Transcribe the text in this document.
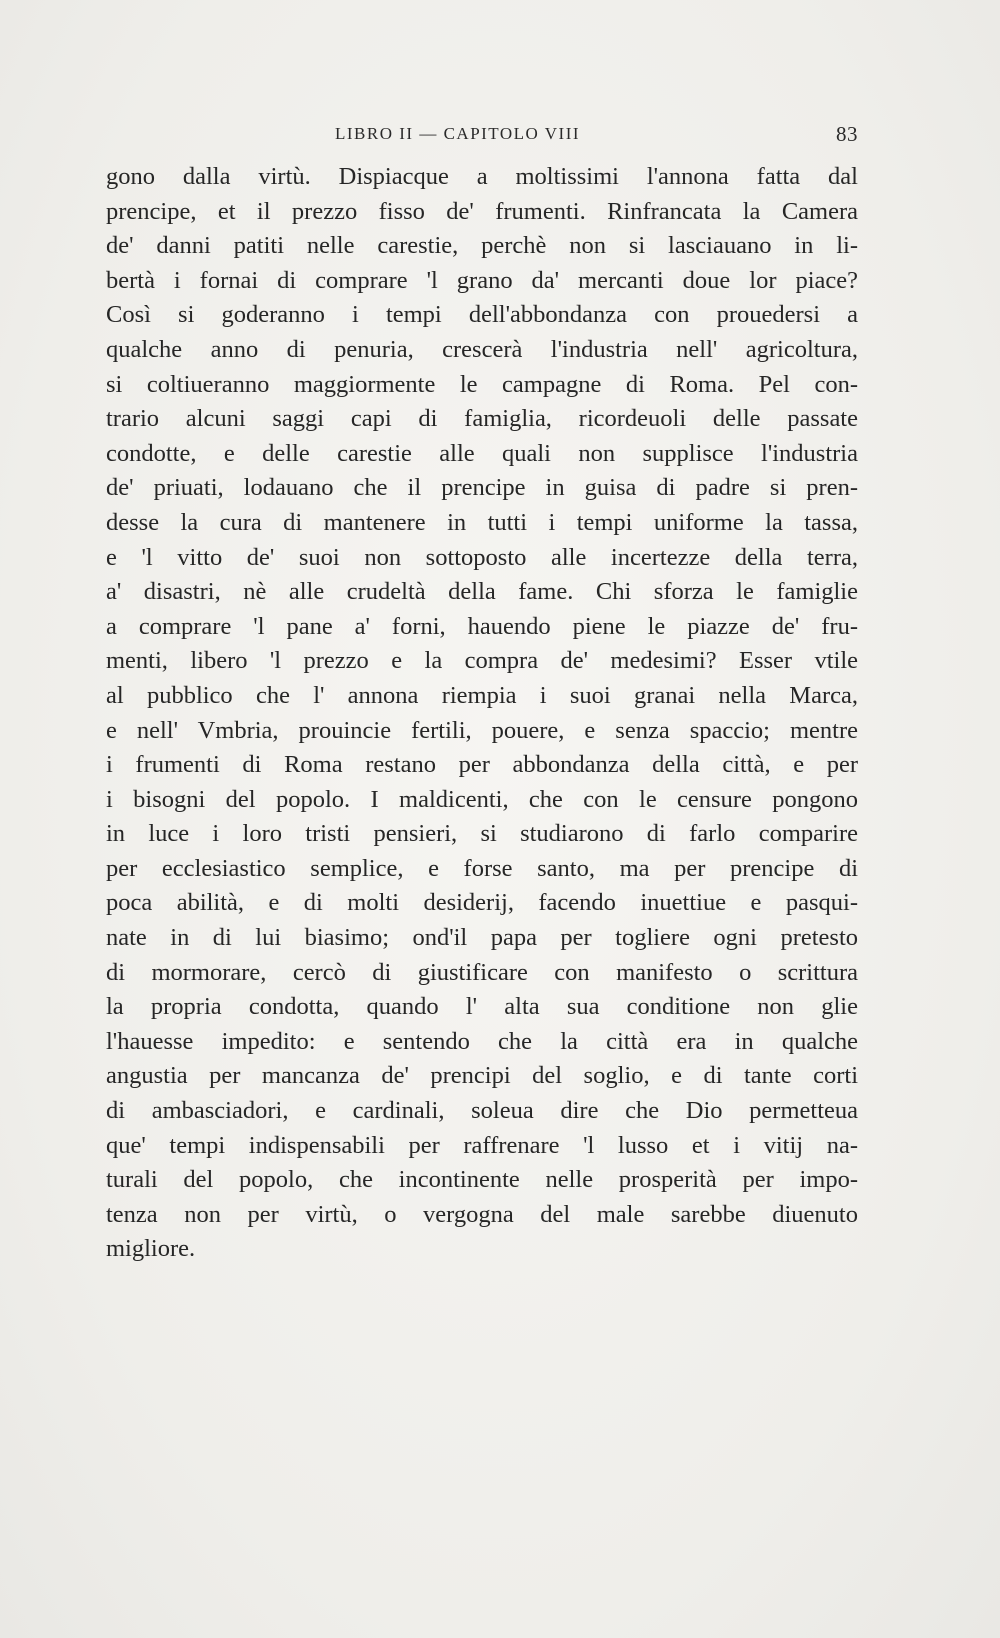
LIBRO II — CAPITOLO VIII	83
gono dalla virtù. Dispiacque a moltissimi l'annona fatta dal
prencipe, et il prezzo fisso de' frumenti. Rinfrancata la Camera
de' danni patiti nelle carestie, perchè non si lasciauano in li-
bertà i fornai di comprare 'l grano da' mercanti doue lor piace?
Così si goderanno i tempi dell'abbondanza con prouedersi a
qualche anno di penuria, crescerà l'industria nell' agricoltura,
si coltiueranno maggiormente le campagne di Roma. Pel con-
trario alcuni saggi capi di famiglia, ricordeuoli delle passate
condotte, e delle carestie alle quali non supplisce l'industria
de' priuati, lodauano che il prencipe in guisa di padre si pren-
desse la cura di mantenere in tutti i tempi uniforme la tassa,
e 'l vitto de' suoi non sottoposto alle incertezze della terra,
a' disastri, nè alle crudeltà della fame. Chi sforza le famiglie
a comprare 'l pane a' forni, hauendo piene le piazze de' fru-
menti, libero 'l prezzo e la compra de' medesimi? Esser vtile
al pubblico che l' annona riempia i suoi granai nella Marca,
e nell' Vmbria, prouincie fertili, pouere, e senza spaccio; mentre
i frumenti di Roma restano per abbondanza della città, e per
i bisogni del popolo. I maldicenti, che con le censure pongono
in luce i loro tristi pensieri, si studiarono di farlo comparire
per ecclesiastico semplice, e forse santo, ma per prencipe di
poca abilità, e di molti desiderij, facendo inuettiue e pasqui-
nate in di lui biasimo; ond'il papa per togliere ogni pretesto
di mormorare, cercò di giustificare con manifesto o scrittura
la propria condotta, quando l' alta sua conditione non glie
l'hauesse impedito: e sentendo che la città era in qualche
angustia per mancanza de' prencipi del soglio, e di tante corti
di ambasciadori, e cardinali, soleua dire che Dio permetteua
que' tempi indispensabili per raffrenare 'l lusso et i vitij na-
turali del popolo, che incontinente nelle prosperità per impo-
tenza non per virtù, o vergogna del male sarebbe diuenuto
migliore.
